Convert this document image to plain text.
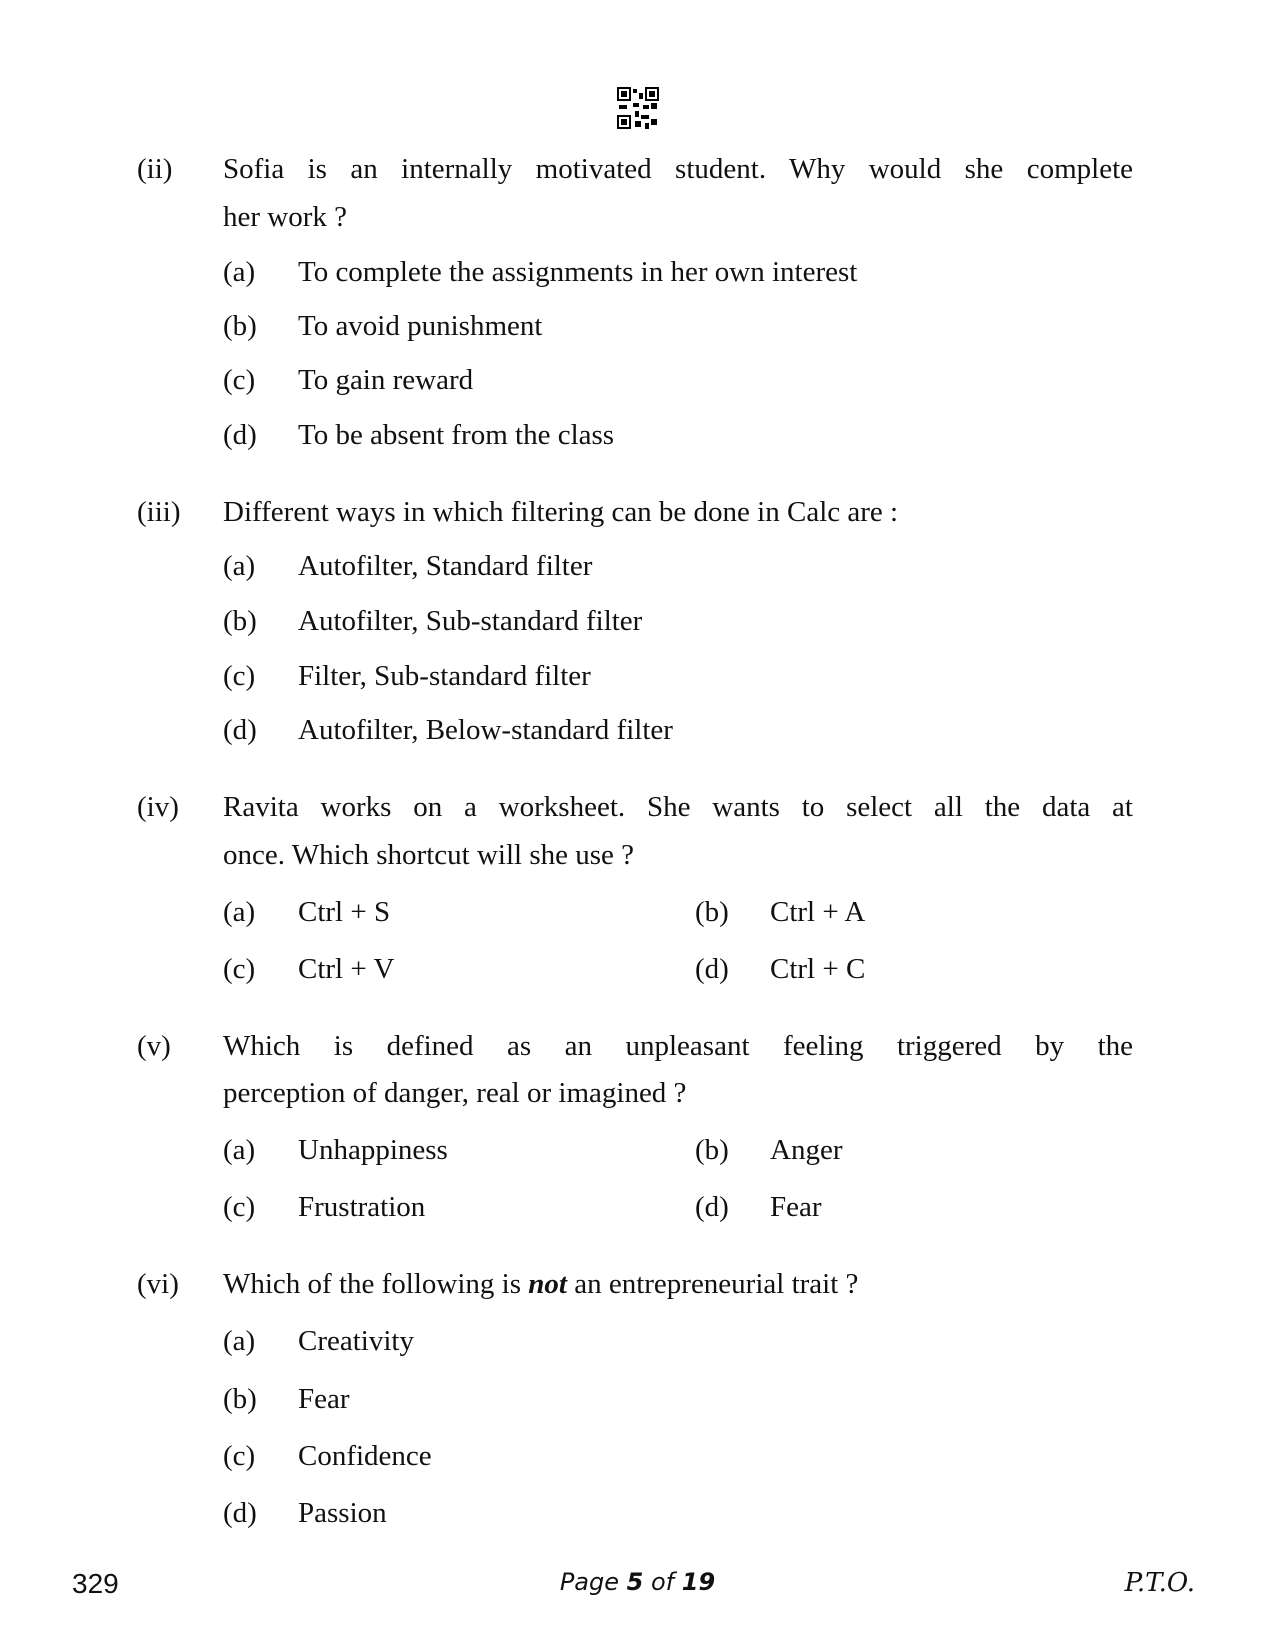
(ii) Sofia is an internally motivated student. Why would she complete
her work ?
(a) To complete the assignments in her own interest
(b) To avoid punishment
(c) To gain reward
(d) To be absent from the class
(iii) Different ways in which filtering can be done in Calc are :
(a) Autofilter, Standard filter
(b) Autofilter, Sub-standard filter
(c) Filter, Sub-standard filter
(d) Autofilter, Below-standard filter
(iv) Ravita works on a worksheet. She wants to select all the data at
once. Which shortcut will she use ?
(a) Ctrl + S	(b) Ctrl + A
(c) Ctrl + V	(d) Ctrl + C
(v) Which is defined as an unpleasant feeling triggered by the
perception of danger, real or imagined ?
(a) Unhappiness	(b) Anger
(c) Frustration	(d) Fear
(vi) Which of the following is not an entrepreneurial trait ?
(a) Creativity
(b) Fear
(c) Confidence
(d) Passion
329	Page 5 of 19	P.T.O.
